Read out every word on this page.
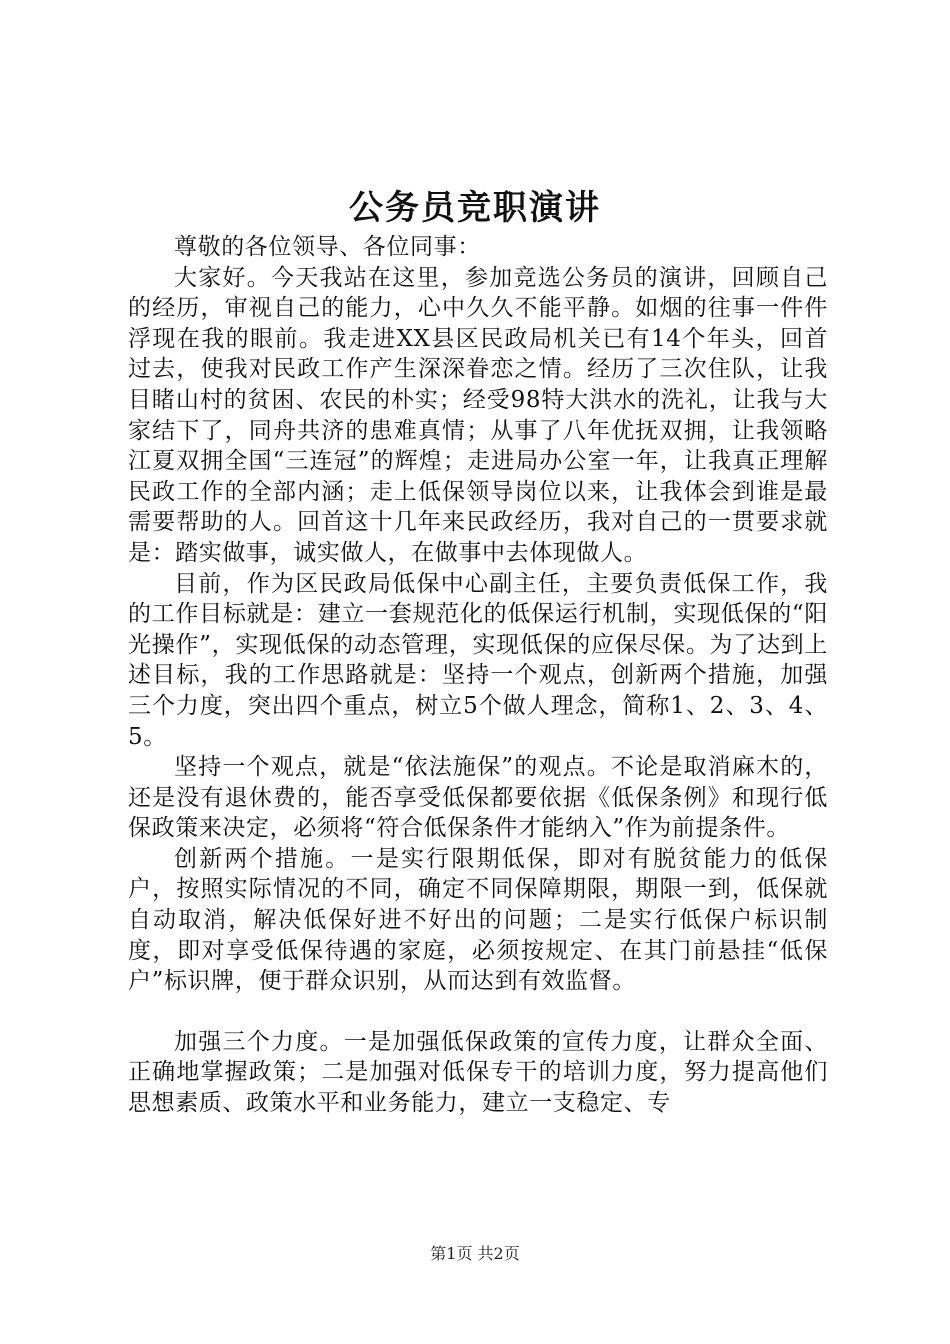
公务员竞职演讲

尊敬的各位领导、各位同事：

大家好。今天我站在这里，参加竞选公务员的演讲，回顾自己的经历，审视自己的能力，心中久久不能平静。如烟的往事一件件浮现在我的眼前。我走进XX县区民政局机关已有14个年头，回首过去，使我对民政工作产生深深眷恋之情。经历了三次住队，让我目睹山村的贫困、农民的朴实；经受98特大洪水的洗礼，让我与大家结下了，同舟共济的患难真情；从事了八年优抚双拥，让我领略江夏双拥全国“三连冠”的辉煌；走进局办公室一年，让我真正理解民政工作的全部内涵；走上低保领导岗位以来，让我体会到谁是最需要帮助的人。回首这十几年来民政经历，我对自己的一贯要求就是：踏实做事，诚实做人，在做事中去体现做人。

目前，作为区民政局低保中心副主任，主要负责低保工作，我的工作目标就是：建立一套规范化的低保运行机制，实现低保的“阳光操作”，实现低保的动态管理，实现低保的应保尽保。为了达到上述目标，我的工作思路就是：坚持一个观点，创新两个措施，加强三个力度，突出四个重点，树立5个做人理念，简称1、2、3、4、5。

坚持一个观点，就是“依法施保”的观点。不论是取消麻木的，还是没有退休费的，能否享受低保都要依据《低保条例》和现行低保政策来决定，必须将“符合低保条件才能纳入”作为前提条件。

创新两个措施。一是实行限期低保，即对有脱贫能力的低保户，按照实际情况的不同，确定不同保障期限，期限一到，低保就自动取消，解决低保好进不好出的问题；二是实行低保户标识制度，即对享受低保待遇的家庭，必须按规定、在其门前悬挂“低保户”标识牌，便于群众识别，从而达到有效监督。

加强三个力度。一是加强低保政策的宣传力度，让群众全面、正确地掌握政策；二是加强对低保专干的培训力度，努力提高他们思想素质、政策水平和业务能力，建立一支稳定、专

第1页 共2页
